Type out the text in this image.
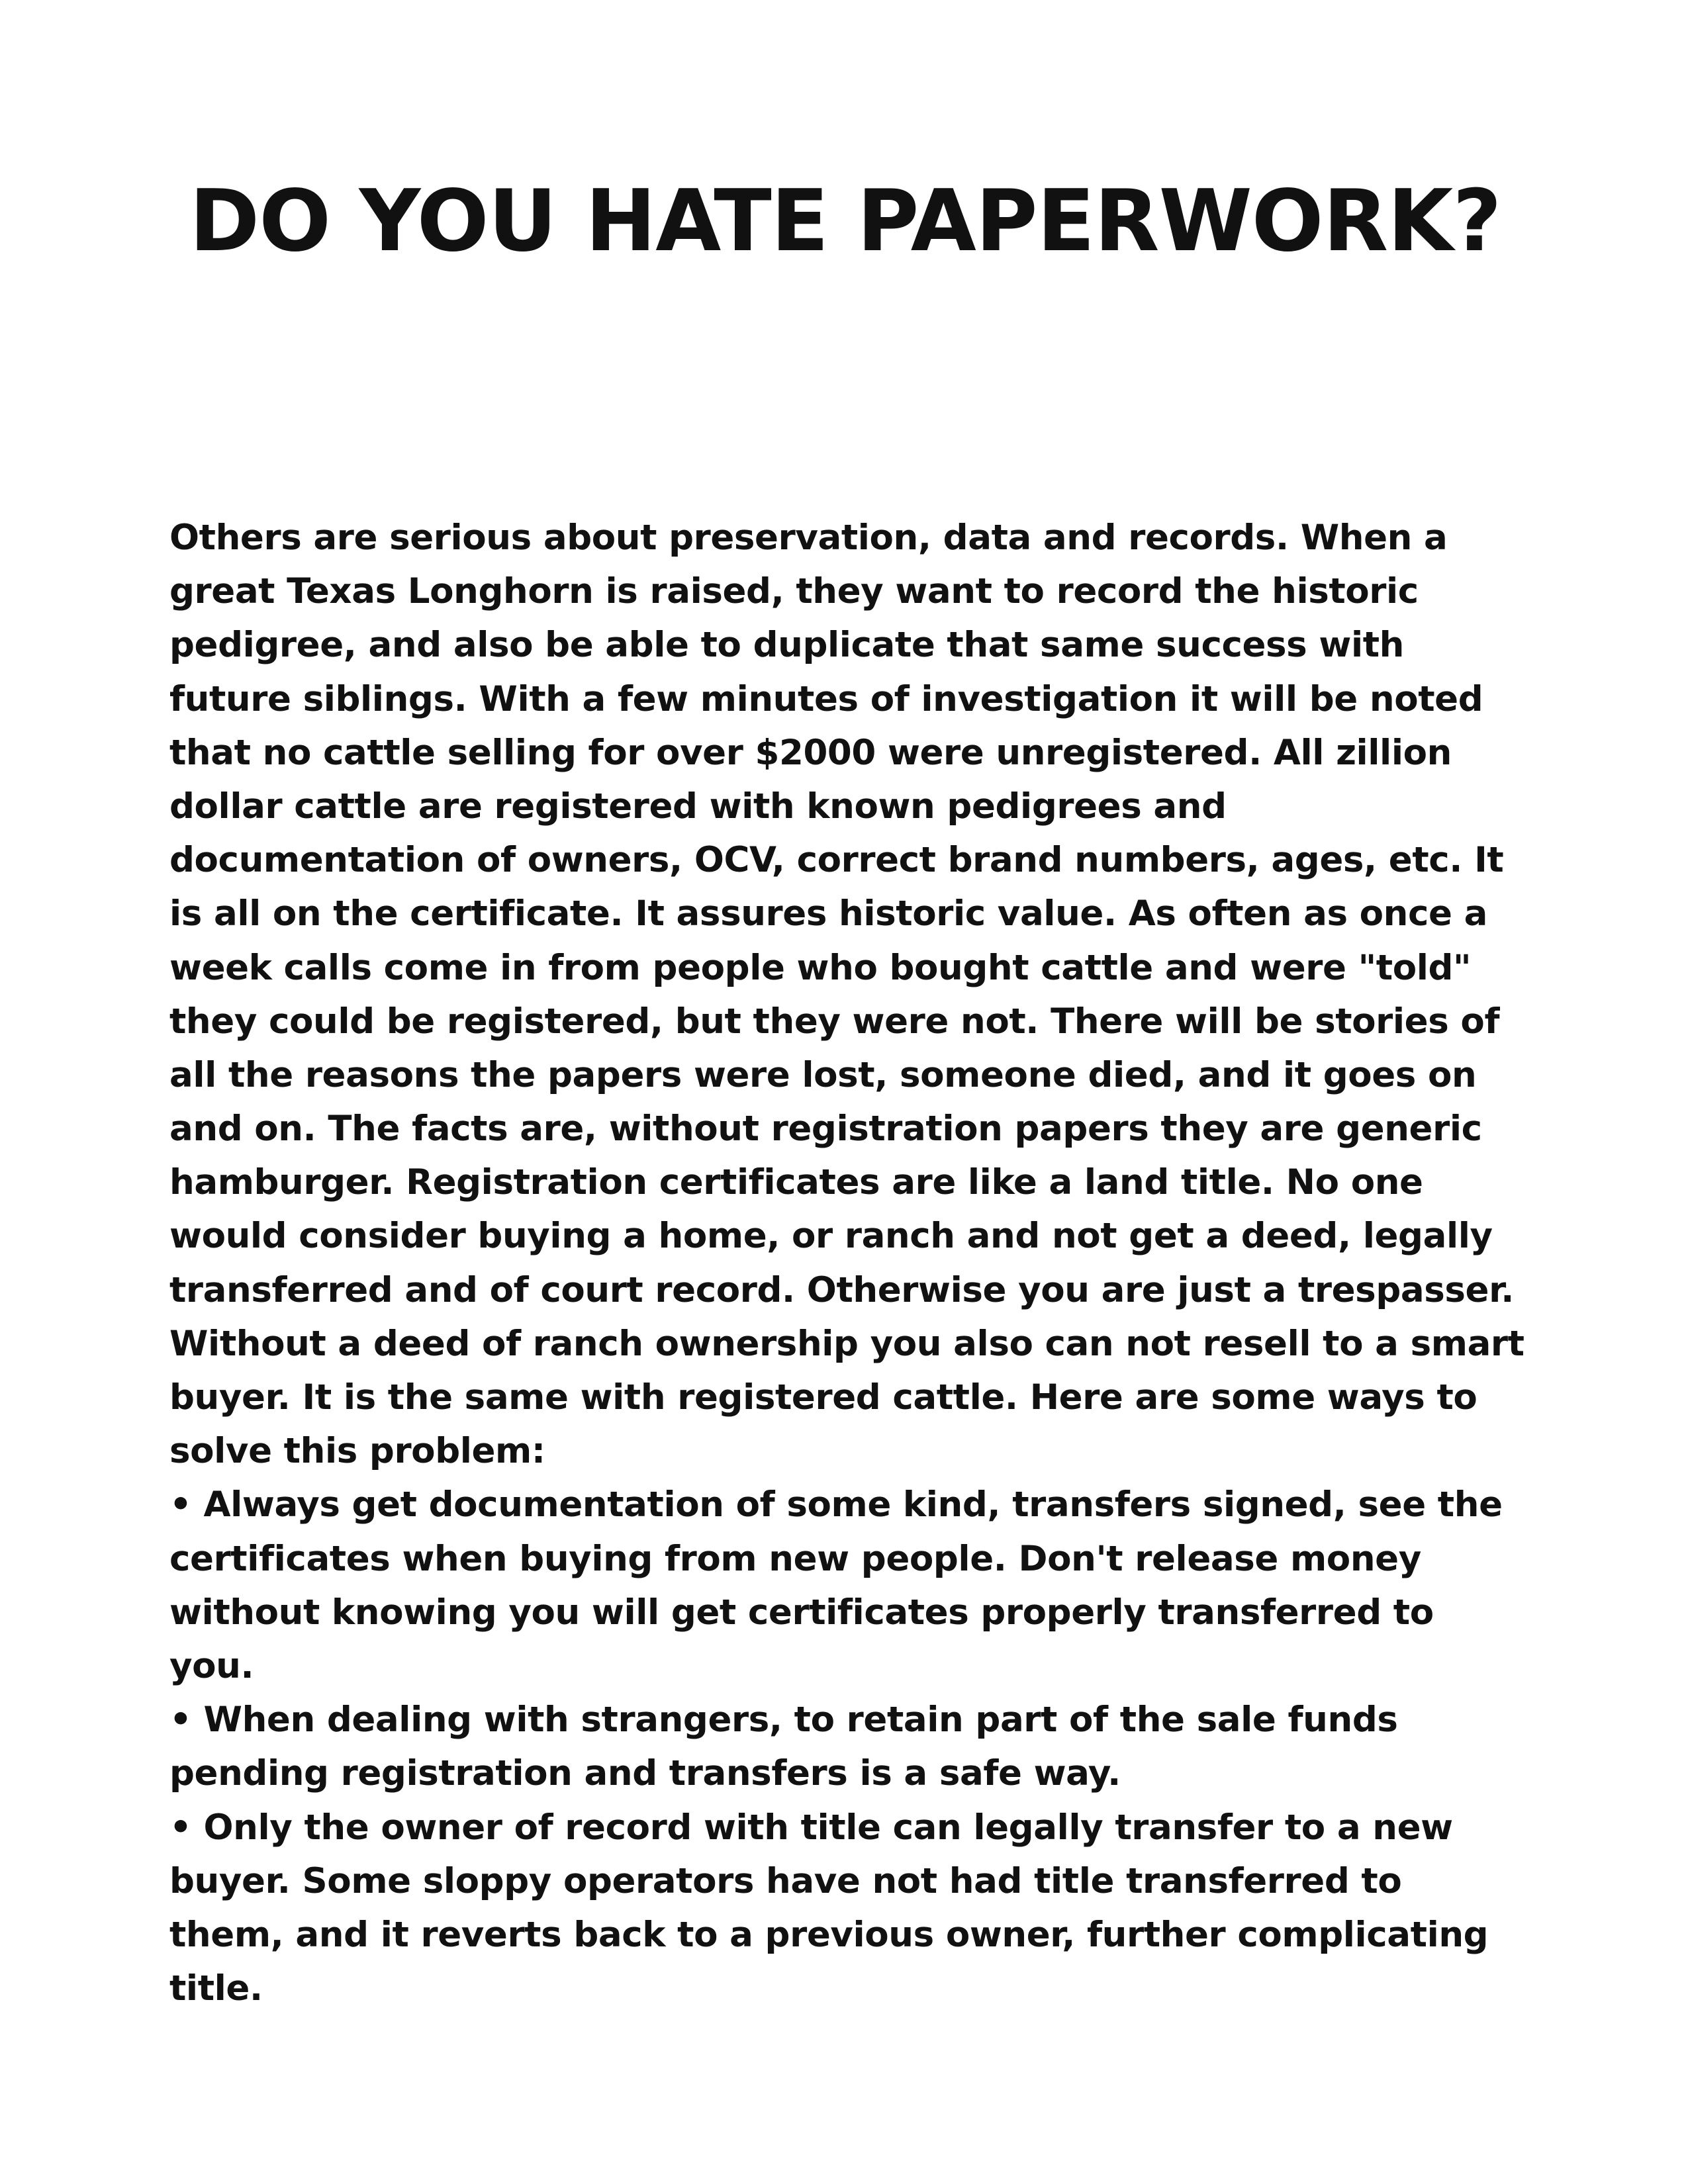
DO YOU HATE PAPERWORK?
Others are serious about preservation, data and records. When a
great Texas Longhorn is raised, they want to record the historic
pedigree, and also be able to duplicate that same success with
future siblings. With a few minutes of investigation it will be noted
that no cattle selling for over $2000 were unregistered. All zillion
dollar cattle are registered with known pedigrees and
documentation of owners, OCV, correct brand numbers, ages, etc. It
is all on the certificate. It assures historic value. As often as once a
week calls come in from people who bought cattle and were "told"
they could be registered, but they were not. There will be stories of
all the reasons the papers were lost, someone died, and it goes on
and on. The facts are, without registration papers they are generic
hamburger. Registration certificates are like a land title. No one
would consider buying a home, or ranch and not get a deed, legally
transferred and of court record. Otherwise you are just a trespasser.
Without a deed of ranch ownership you also can not resell to a smart
buyer. It is the same with registered cattle. Here are some ways to
solve this problem:
• Always get documentation of some kind, transfers signed, see the
certificates when buying from new people. Don't release money
without knowing you will get certificates properly transferred to
you.
• When dealing with strangers, to retain part of the sale funds
pending registration and transfers is a safe way.
• Only the owner of record with title can legally transfer to a new
buyer. Some sloppy operators have not had title transferred to
them, and it reverts back to a previous owner, further complicating
title.
